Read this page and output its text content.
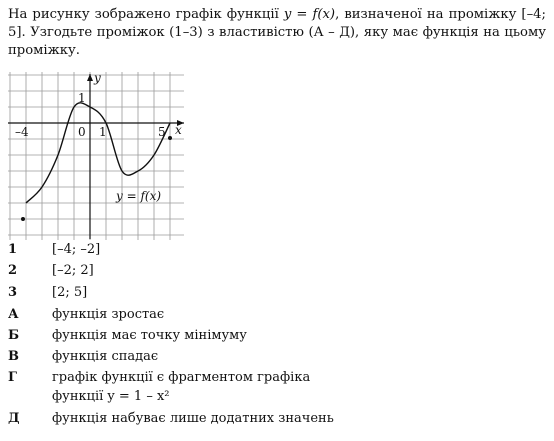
На рисунку зображено графік функції y = f(x), визначеної на проміжку [–4; 5]. Узгодьте проміжок (1–3) з властивістю (А – Д), яку має функція на цьому проміжку.
y
x
1
–4	0 1	5
y = f(x)
1	[–4; –2]
2	[–2; 2]
3	[2; 5]
А	функція зростає
Б	функція має точку мінімуму
В	функція спадає
Г	графік функції є фрагментом графіка
функції y = 1 – x²
Д	функція набуває лише додатних значень
